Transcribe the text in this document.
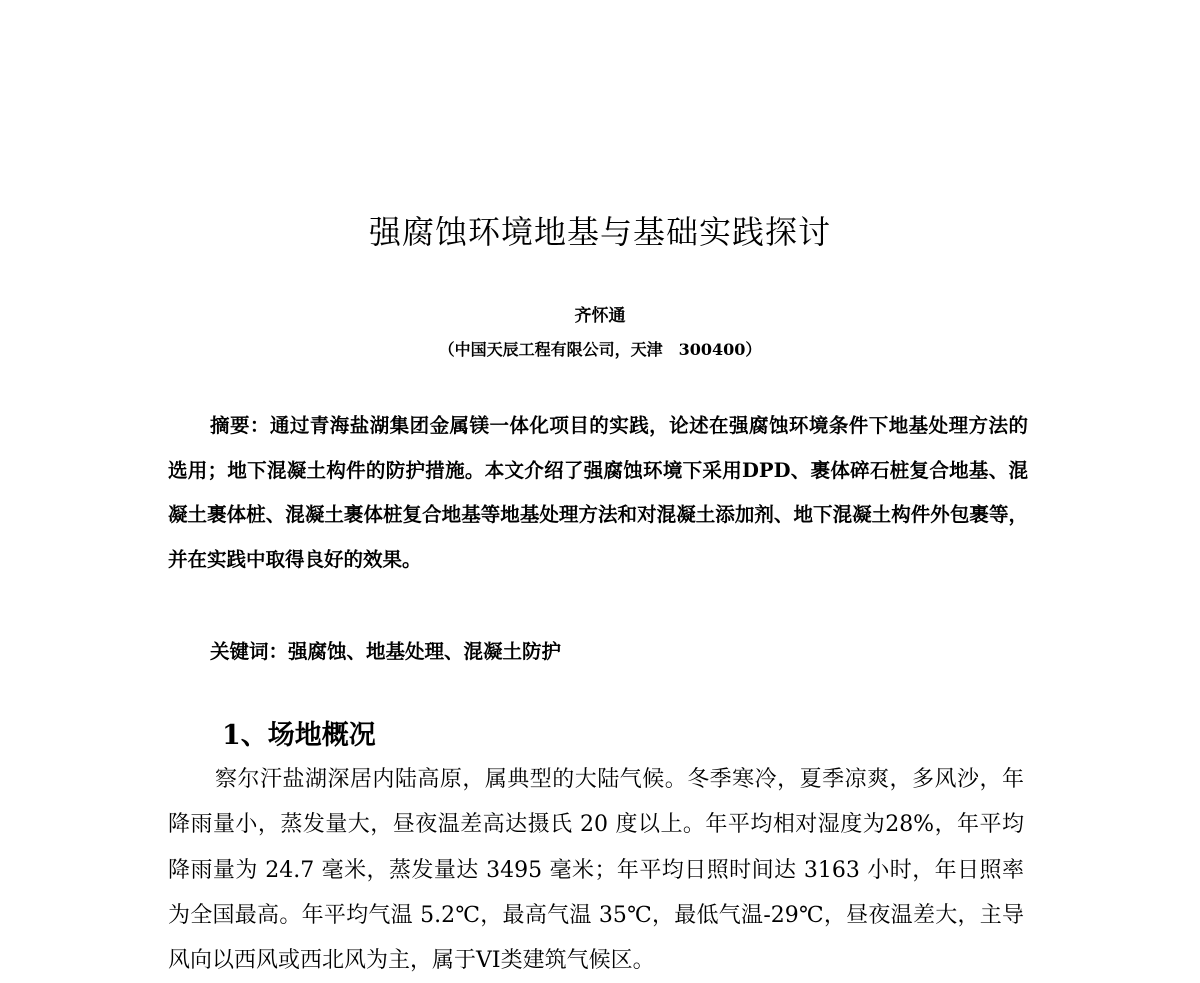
强腐蚀环境地基与基础实践探讨
齐怀通
（中国天辰工程有限公司，天津　300400）

摘要：通过青海盐湖集团金属镁一体化项目的实践，论述在强腐蚀环境条件下地基处理方法的选用；地下混凝土构件的防护措施。本文介绍了强腐蚀环境下采用DPD、裹体碎石桩复合地基、混凝土裹体桩、混凝土裹体桩复合地基等地基处理方法和对混凝土添加剂、地下混凝土构件外包裹等，并在实践中取得良好的效果。

关键词：强腐蚀、地基处理、混凝土防护

1、场地概况

察尔汗盐湖深居内陆高原，属典型的大陆气候。冬季寒冷，夏季凉爽，多风沙，年降雨量小，蒸发量大，昼夜温差高达摄氏 20 度以上。年平均相对湿度为28%，年平均降雨量为 24.7 毫米，蒸发量达 3495 毫米；年平均日照时间达 3163 小时，年日照率为全国最高。年平均气温 5.2℃，最高气温 35℃，最低气温-29℃，昼夜温差大，主导风向以西风或西北风为主，属于VI类建筑气候区。
